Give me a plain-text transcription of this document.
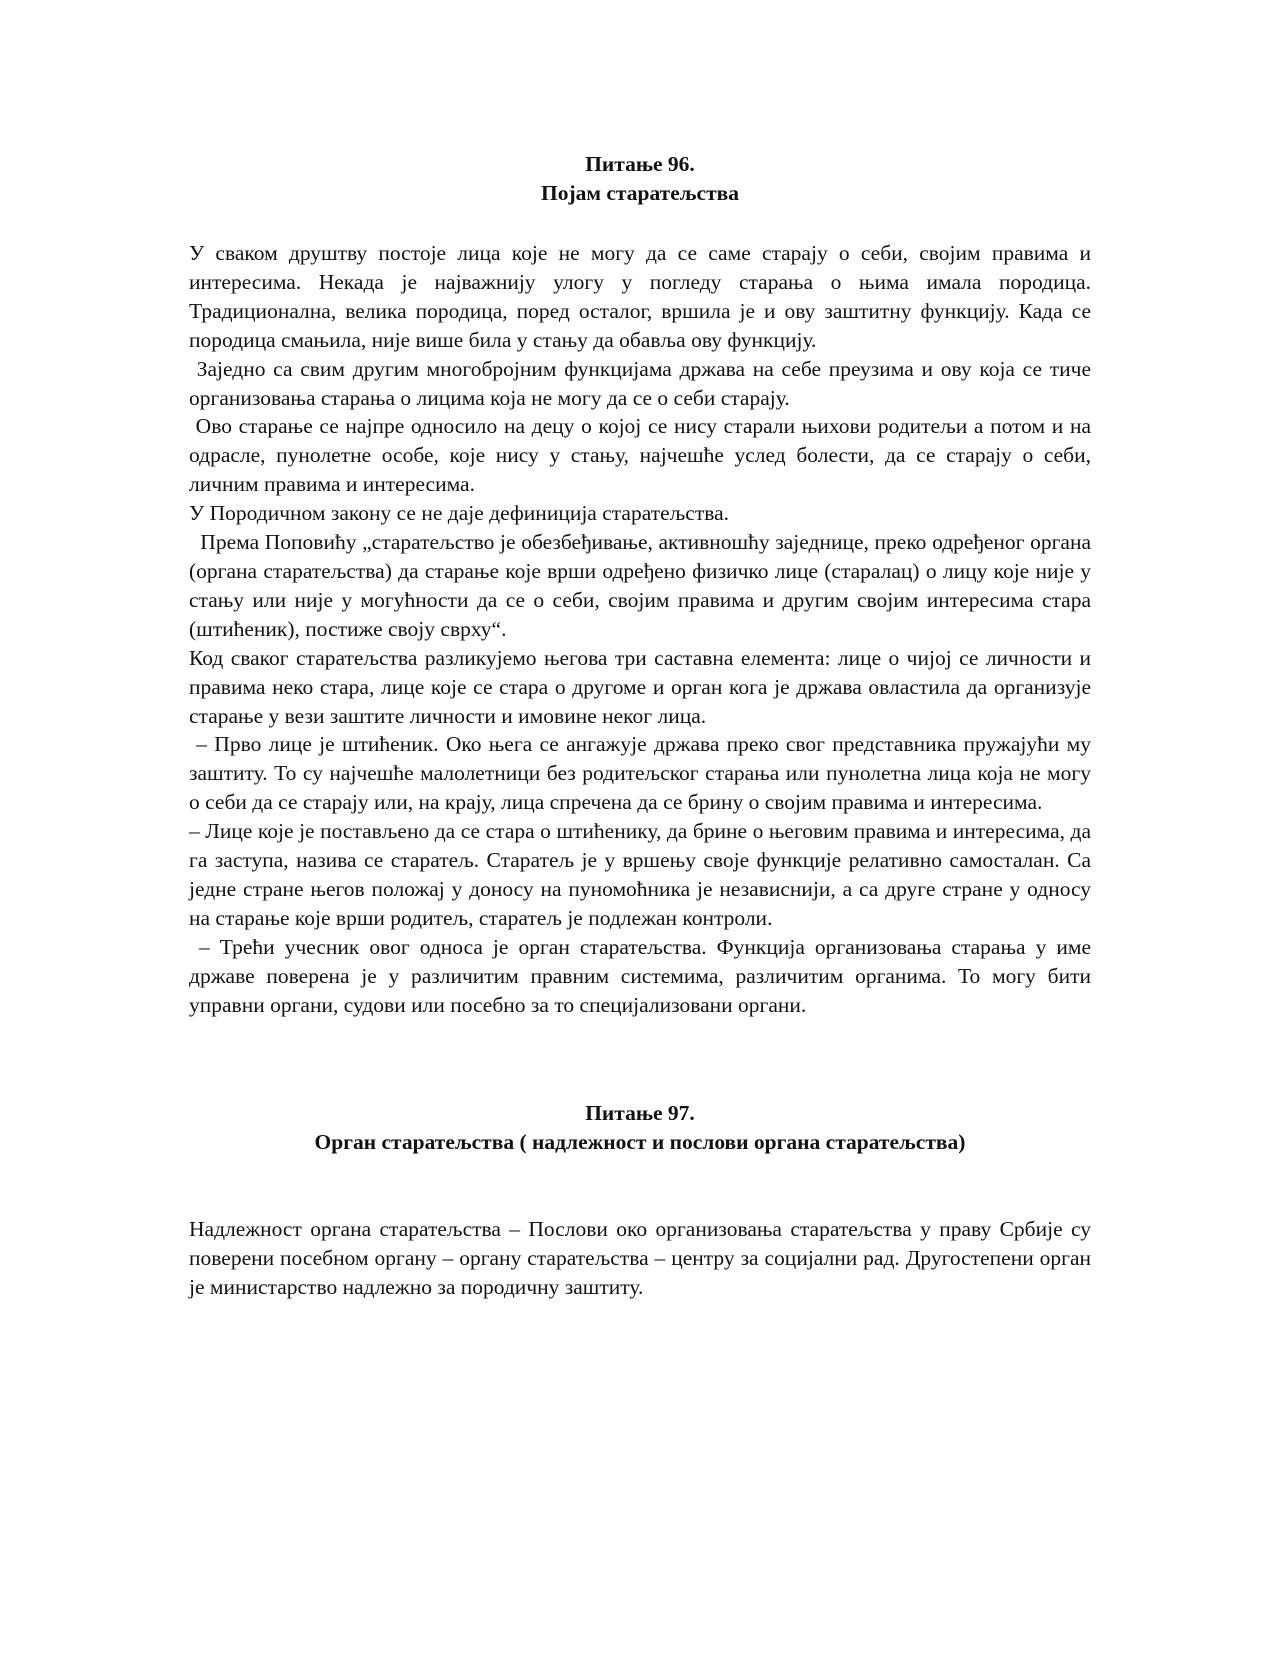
Питање 96.
Појам старатељства

У сваком друштву постоје лица које не могу да се саме старају о себи, својим правима и интересима. Некада је најважнију улогу у погледу старања о њима имала породица. Традиционална, велика породица, поред осталог, вршила је и ову заштитну функцију. Када се породица смањила, није више била у стању да обавља ову функцију.

Заједно са свим другим многобројним функцијама држава на себе преузима и ову која се тиче организовања старања о лицима која не могу да се о себи старају.

Ово старање се најпре односило на децу о којој се нису старали њихови родитељи а потом и на одрасле, пунолетне особе, које нису у стању, најчешће услед болести, да се старају о себи, личним правима и интересима.

У Породичном закону се не даје дефиниција старатељства.

Према Поповићу „старатељство је обезбеђивање, активношћу заједнице, преко одређеног органа (органа старатељства) да старање које врши одређено физичко лице (старалац) о лицу које није у стању или није у могућности да се о себи, својим правима и другим својим интересима стара (штићеник), постиже своју сврху“.

Код сваког старатељства разликујемо његова три саставна елемента: лице о чијој се личности и правима неко стара, лице које се стара о другоме и орган кога је држава овластила да организује старање у вези заштите личности и имовине неког лица.

– Прво лице је штићеник. Око њега се ангажује држава преко свог представника пружајући му заштиту. То су најчешће малолетници без родитељског старања или пунолетна лица која не могу о себи да се старају или, на крају, лица спречена да се брину о својим правима и интересима.

– Лице које је постављено да се стара о штићенику, да брине о његовим правима и интересима, да га заступа, назива се старатељ. Старатељ је у вршењу своје функције релативно самосталан. Са једне стране његов положај у доносу на пуномоћника је независнији, а са друге стране у односу на старање које врши родитељ, старатељ је подлежан контроли.

– Трећи учесник овог односа је орган старатељства. Функција организовања старања у име државе поверена је у различитим правним системима, различитим органима. То могу бити управни органи, судови или посебно за то специјализовани органи.

Питање 97.
Орган старатељства ( надлежност и послови органа старатељства)

Надлежност органа старатељства – Послови око организовања старатељства у праву Србије су поверени посебном органу – органу старатељства – центру за социјални рад. Другостепени орган је министарство надлежно за породичну заштиту.
